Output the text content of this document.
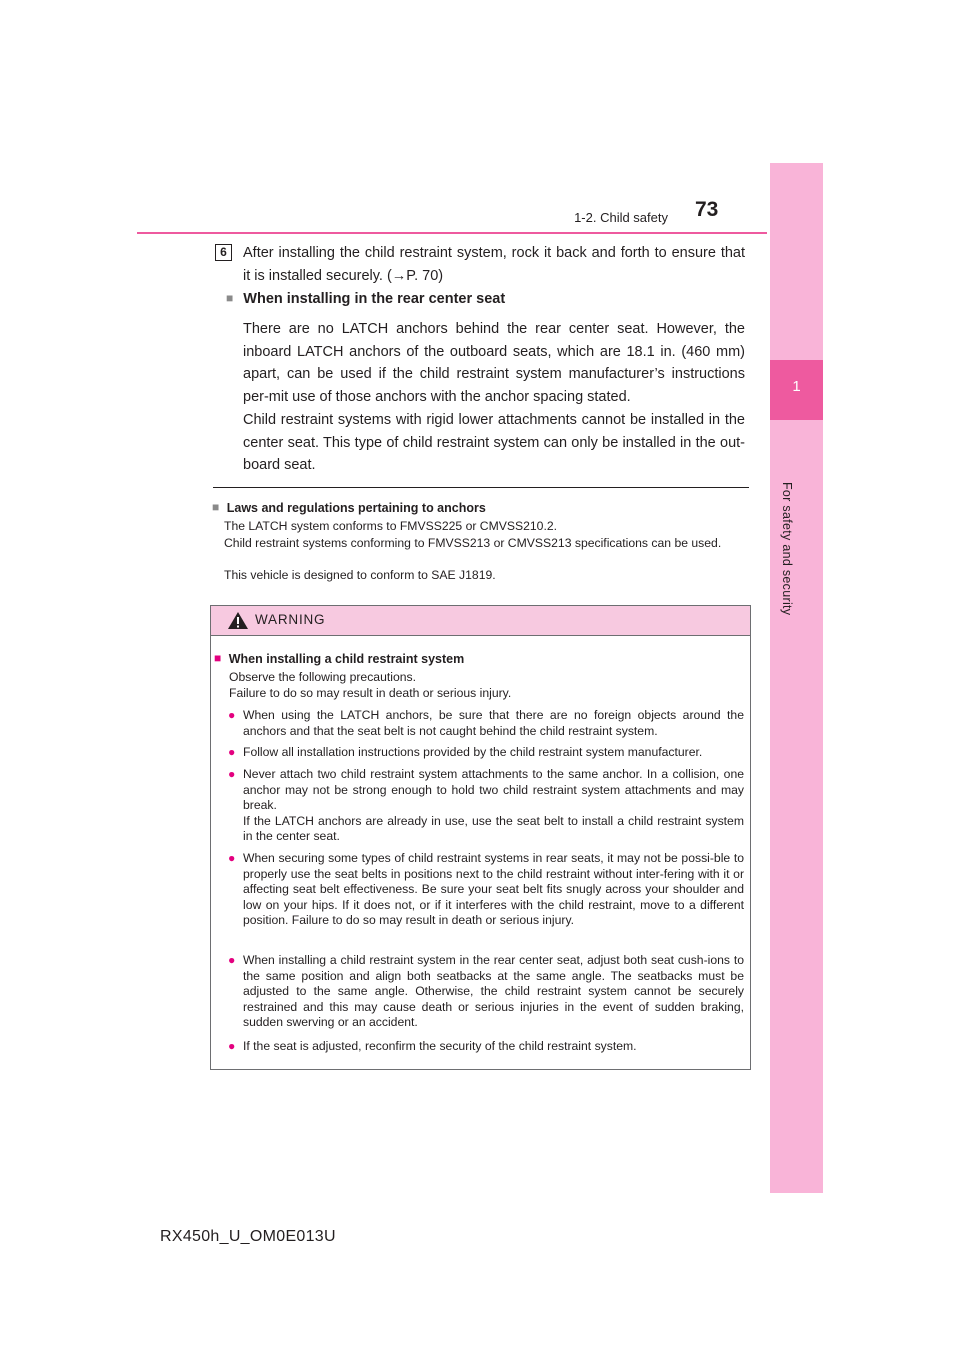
1
For safety and security
1-2. Child safety 73
6	After installing the child restraint system, rock it back and forth to ensure that it is installed securely. (→P. 70)
■ When installing in the rear center seat
There are no LATCH anchors behind the rear center seat. However, the inboard LATCH anchors of the outboard seats, which are 18.1 in. (460 mm) apart, can be used if the child restraint system manufacturer’s instructions per-mit use of those anchors with the anchor spacing stated.
Child restraint systems with rigid lower attachments cannot be installed in the center seat. This type of child restraint system can only be installed in the out-board seat.
■ Laws and regulations pertaining to anchors
The LATCH system conforms to FMVSS225 or CMVSS210.2.
Child restraint systems conforming to FMVSS213 or CMVSS213 specifications can be used.
This vehicle is designed to conform to SAE J1819.
WARNING
■ When installing a child restraint system
Observe the following precautions.
Failure to do so may result in death or serious injury.
● When using the LATCH anchors, be sure that there are no foreign objects around the anchors and that the seat belt is not caught behind the child restraint system.
● Follow all installation instructions provided by the child restraint system manufacturer.
● Never attach two child restraint system attachments to the same anchor. In a collision, one anchor may not be strong enough to hold two child restraint system attachments and may break.
If the LATCH anchors are already in use, use the seat belt to install a child restraint system in the center seat.
● When securing some types of child restraint systems in rear seats, it may not be possi-ble to properly use the seat belts in positions next to the child restraint without inter-fering with it or affecting seat belt effectiveness. Be sure your seat belt fits snugly across your shoulder and low on your hips. If it does not, or if it interferes with the child restraint, move to a different position. Failure to do so may result in death or serious injury.
● When installing a child restraint system in the rear center seat, adjust both seat cush-ions to the same position and align both seatbacks at the same angle. The seatbacks must be adjusted to the same angle. Otherwise, the child restraint system cannot be securely restrained and this may cause death or serious injuries in the event of sudden braking, sudden swerving or an accident.
● If the seat is adjusted, reconfirm the security of the child restraint system.
RX450h_U_OM0E013U
